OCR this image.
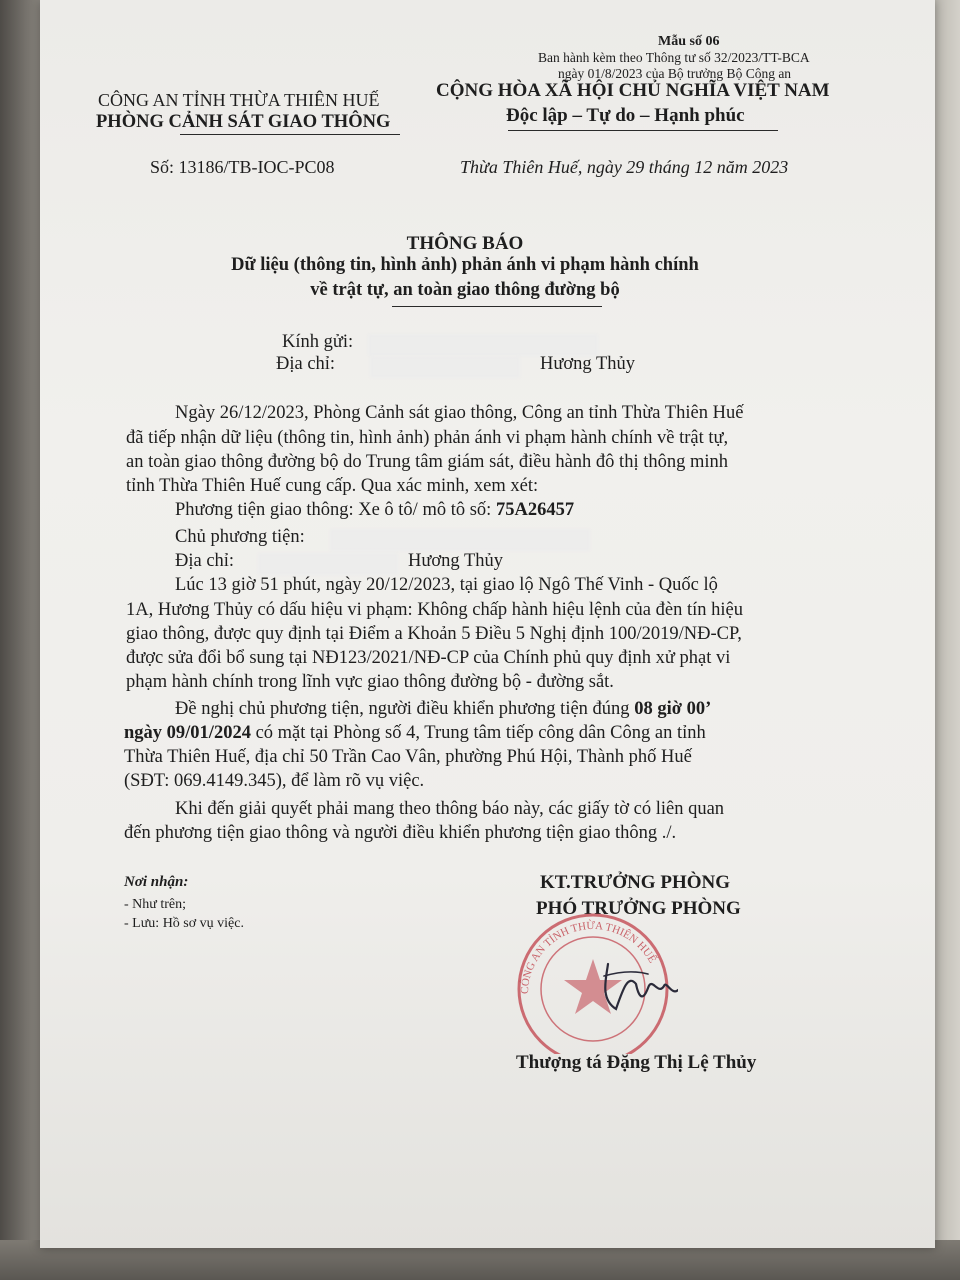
Mẫu số 06
Ban hành kèm theo Thông tư số 32/2023/TT-BCA
ngày 01/8/2023 của Bộ trưởng Bộ Công an
CÔNG AN TỈNH THỪA THIÊN HUẾ
PHÒNG CẢNH SÁT GIAO THÔNG
CỘNG HÒA XÃ HỘI CHỦ NGHĨA VIỆT NAM
Độc lập – Tự do – Hạnh phúc
Số: 13186/TB-IOC-PC08	Thừa Thiên Huế, ngày 29 tháng 12 năm 2023
THÔNG BÁO
Dữ liệu (thông tin, hình ảnh) phản ánh vi phạm hành chính
về trật tự, an toàn giao thông đường bộ
Kính gửi:
Địa chỉ:	Hương Thủy
Ngày 26/12/2023, Phòng Cảnh sát giao thông, Công an tỉnh Thừa Thiên Huế
đã tiếp nhận dữ liệu (thông tin, hình ảnh) phản ánh vi phạm hành chính về trật tự,
an toàn giao thông đường bộ do Trung tâm giám sát, điều hành đô thị thông minh
tỉnh Thừa Thiên Huế cung cấp. Qua xác minh, xem xét:
Phương tiện giao thông: Xe ô tô/ mô tô số: 75A26457
Chủ phương tiện:
Địa chỉ:	Hương Thủy
Lúc 13 giờ 51 phút, ngày 20/12/2023, tại giao lộ Ngô Thế Vinh - Quốc lộ
1A, Hương Thủy có dấu hiệu vi phạm: Không chấp hành hiệu lệnh của đèn tín hiệu
giao thông, được quy định tại Điểm a Khoản 5 Điều 5 Nghị định 100/2019/NĐ-CP,
được sửa đổi bổ sung tại NĐ123/2021/NĐ-CP của Chính phủ quy định xử phạt vi
phạm hành chính trong lĩnh vực giao thông đường bộ - đường sắt.
Đề nghị chủ phương tiện, người điều khiển phương tiện đúng 08 giờ 00’
ngày 09/01/2024 có mặt tại Phòng số 4, Trung tâm tiếp công dân Công an tỉnh
Thừa Thiên Huế, địa chỉ 50 Trần Cao Vân, phường Phú Hội, Thành phố Huế
(SĐT: 069.4149.345), để làm rõ vụ việc.
Khi đến giải quyết phải mang theo thông báo này, các giấy tờ có liên quan
đến phương tiện giao thông và người điều khiển phương tiện giao thông ./.
Nơi nhận:
- Như trên;
- Lưu: Hồ sơ vụ việc.
KT.TRƯỞNG PHÒNG
PHÓ TRƯỞNG PHÒNG
CÔNG AN TỈNH THỪA THIÊN HUẾ
Thượng tá Đặng Thị Lệ Thủy
